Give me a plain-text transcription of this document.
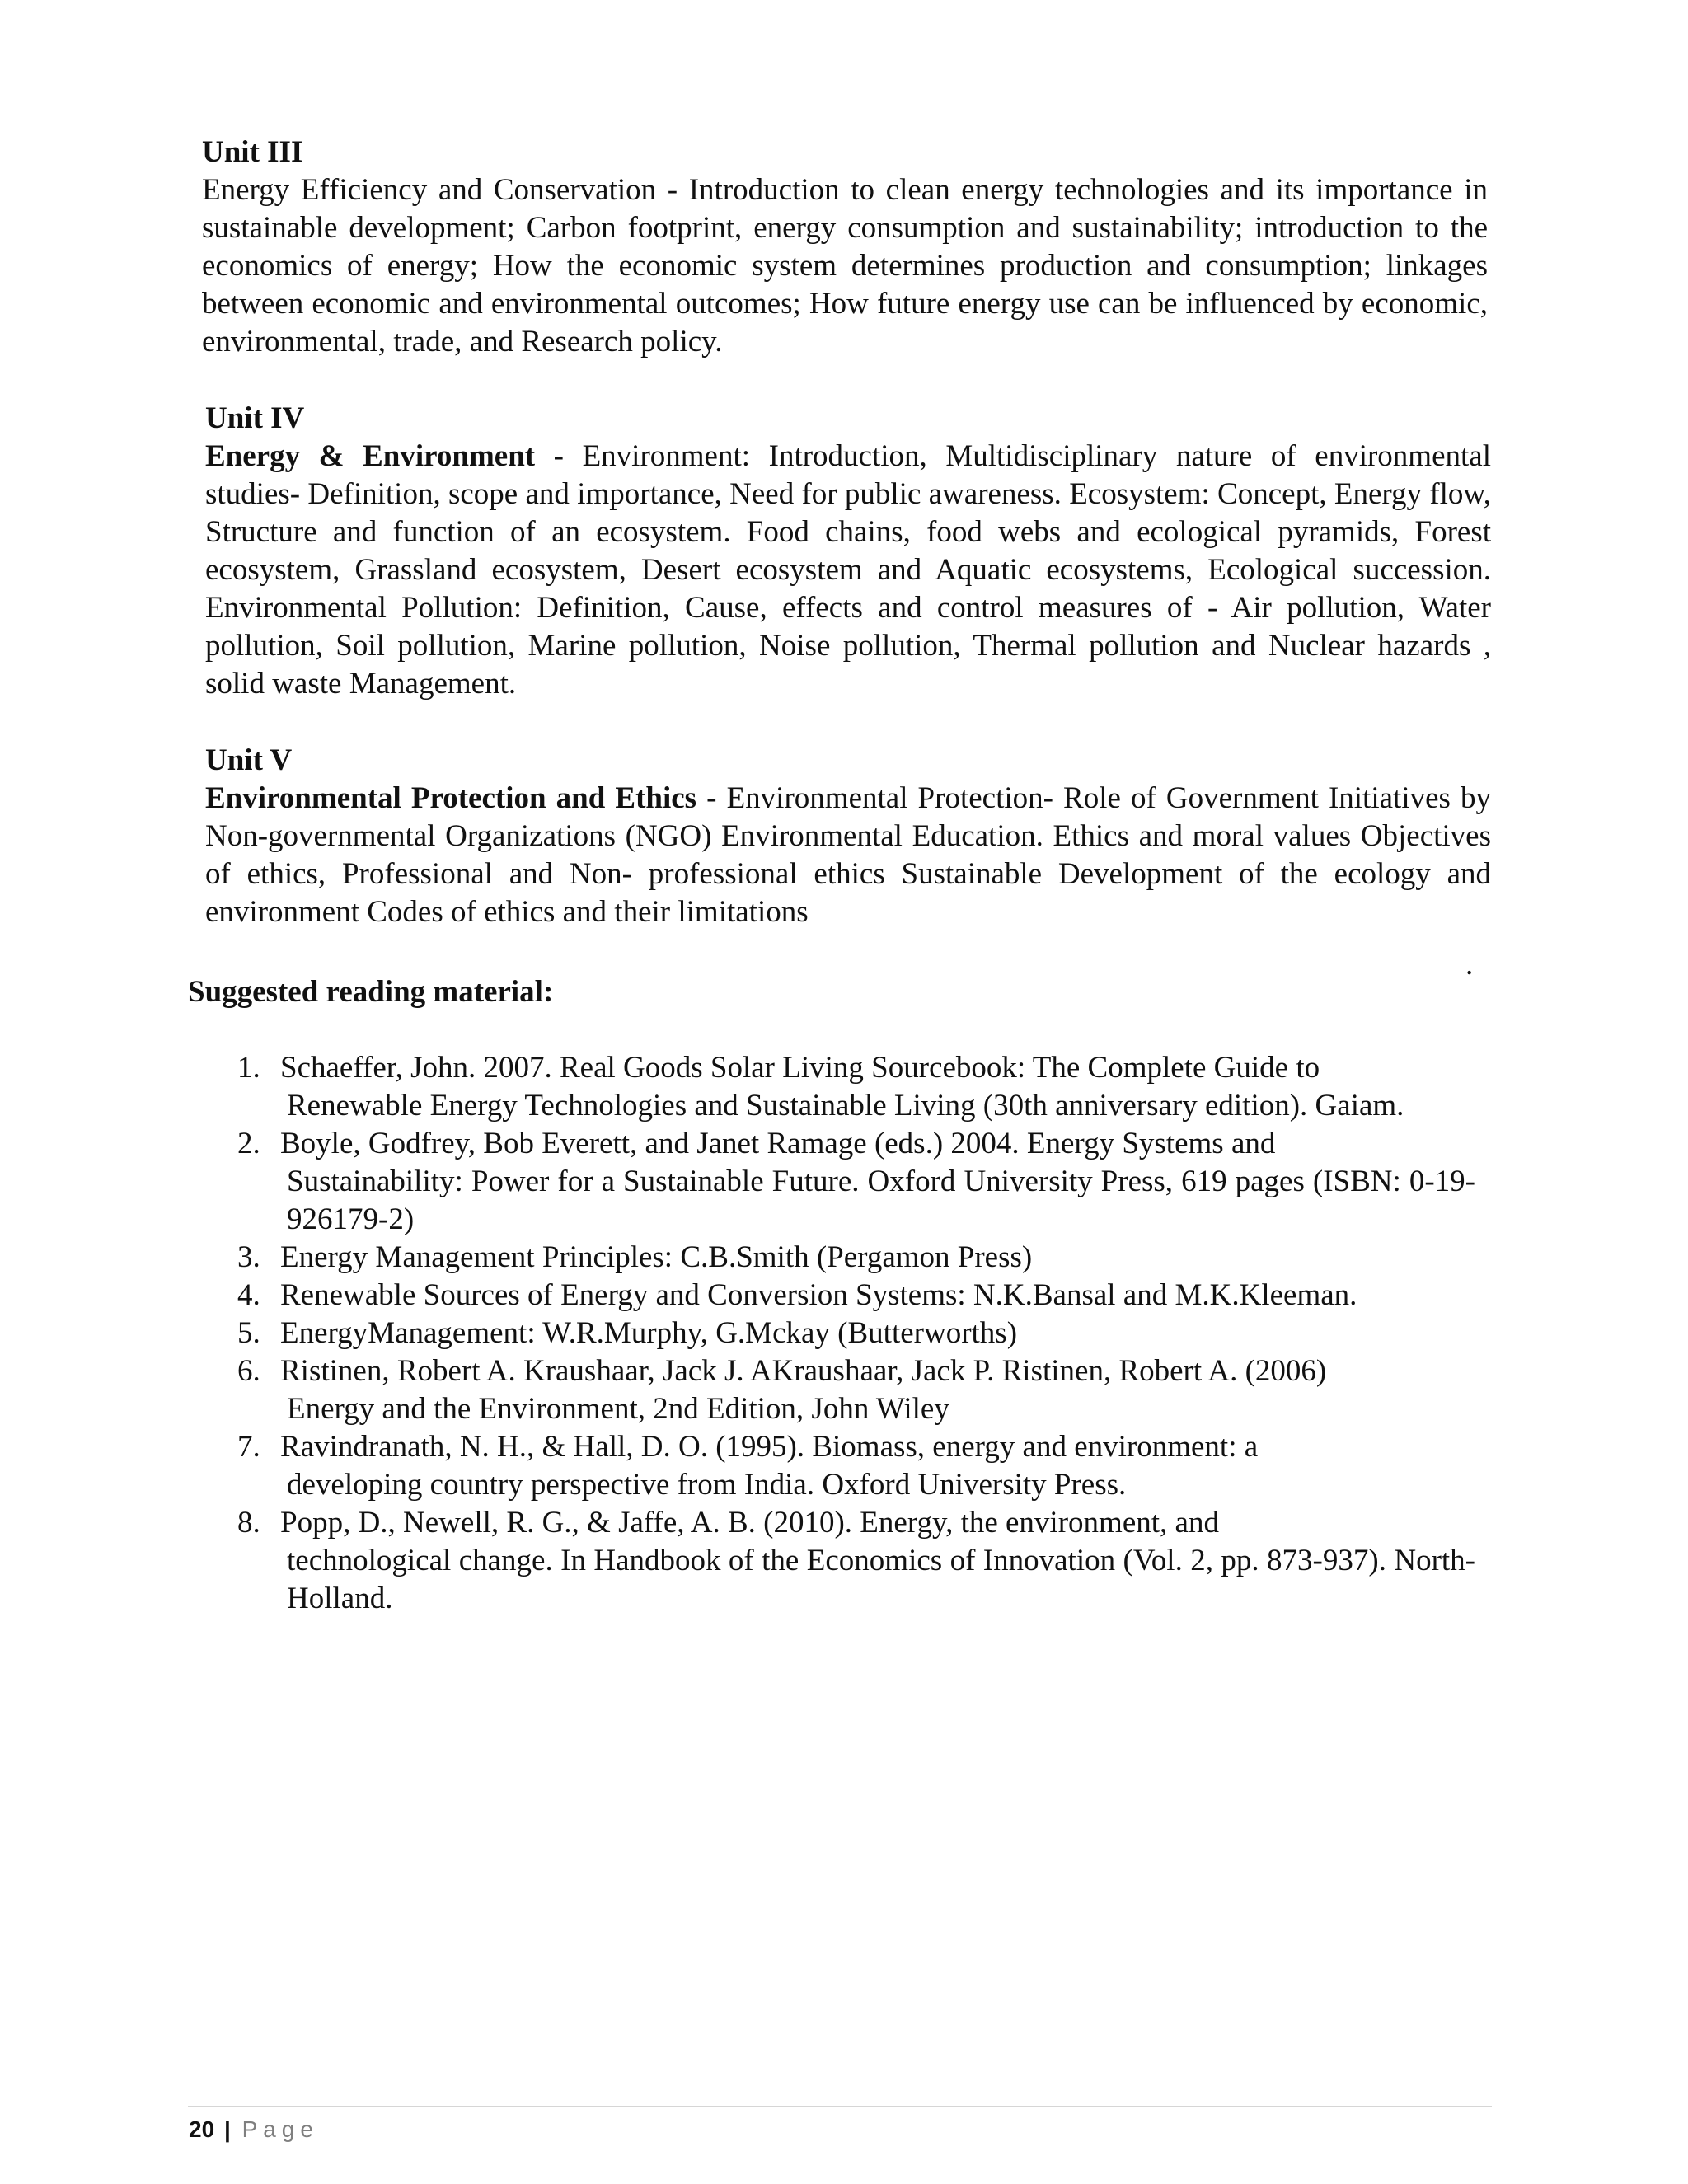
Unit III

Energy Efficiency and Conservation - Introduction to clean energy technologies and its importance in sustainable development; Carbon footprint, energy consumption and sustainability; introduction to the economics of energy; How the economic system determines production and consumption; linkages between economic and environmental outcomes; How future energy use can be influenced by economic, environmental, trade, and Research policy.

Unit IV

Energy & Environment - Environment: Introduction, Multidisciplinary nature of environmental studies- Definition, scope and importance, Need for public awareness. Ecosystem: Concept, Energy flow, Structure and function of an ecosystem. Food chains, food webs and ecological pyramids, Forest ecosystem, Grassland ecosystem, Desert ecosystem and Aquatic ecosystems, Ecological succession. Environmental Pollution: Definition, Cause, effects and control measures of - Air pollution, Water pollution, Soil pollution, Marine pollution, Noise pollution, Thermal pollution and Nuclear hazards , solid waste Management.

Unit V

Environmental Protection and Ethics - Environmental Protection- Role of Government Initiatives by Non-governmental Organizations (NGO) Environmental Education. Ethics and moral values Objectives of ethics, Professional and Non- professional ethics Sustainable Development of the ecology and environment Codes of ethics and their limitations

.

Suggested reading material:

1. Schaeffer, John. 2007. Real Goods Solar Living Sourcebook: The Complete Guide to
Renewable Energy Technologies and Sustainable Living (30th anniversary edition). Gaiam.
2. Boyle, Godfrey, Bob Everett, and Janet Ramage (eds.) 2004. Energy Systems and
Sustainability: Power for a Sustainable Future. Oxford University Press, 619 pages (ISBN: 0-19-926179-2)
3. Energy Management Principles: C.B.Smith (Pergamon Press)
4. Renewable Sources of Energy and Conversion Systems: N.K.Bansal and M.K.Kleeman.
5. EnergyManagement: W.R.Murphy, G.Mckay (Butterworths)
6. Ristinen, Robert A. Kraushaar, Jack J. AKraushaar, Jack P. Ristinen, Robert A. (2006)
Energy and the Environment, 2nd Edition, John Wiley
7. Ravindranath, N. H., & Hall, D. O. (1995). Biomass, energy and environment: a
developing country perspective from India. Oxford University Press.
8. Popp, D., Newell, R. G., & Jaffe, A. B. (2010). Energy, the environment, and
technological change. In Handbook of the Economics of Innovation (Vol. 2, pp. 873-937). North-Holland.
20 | Page
